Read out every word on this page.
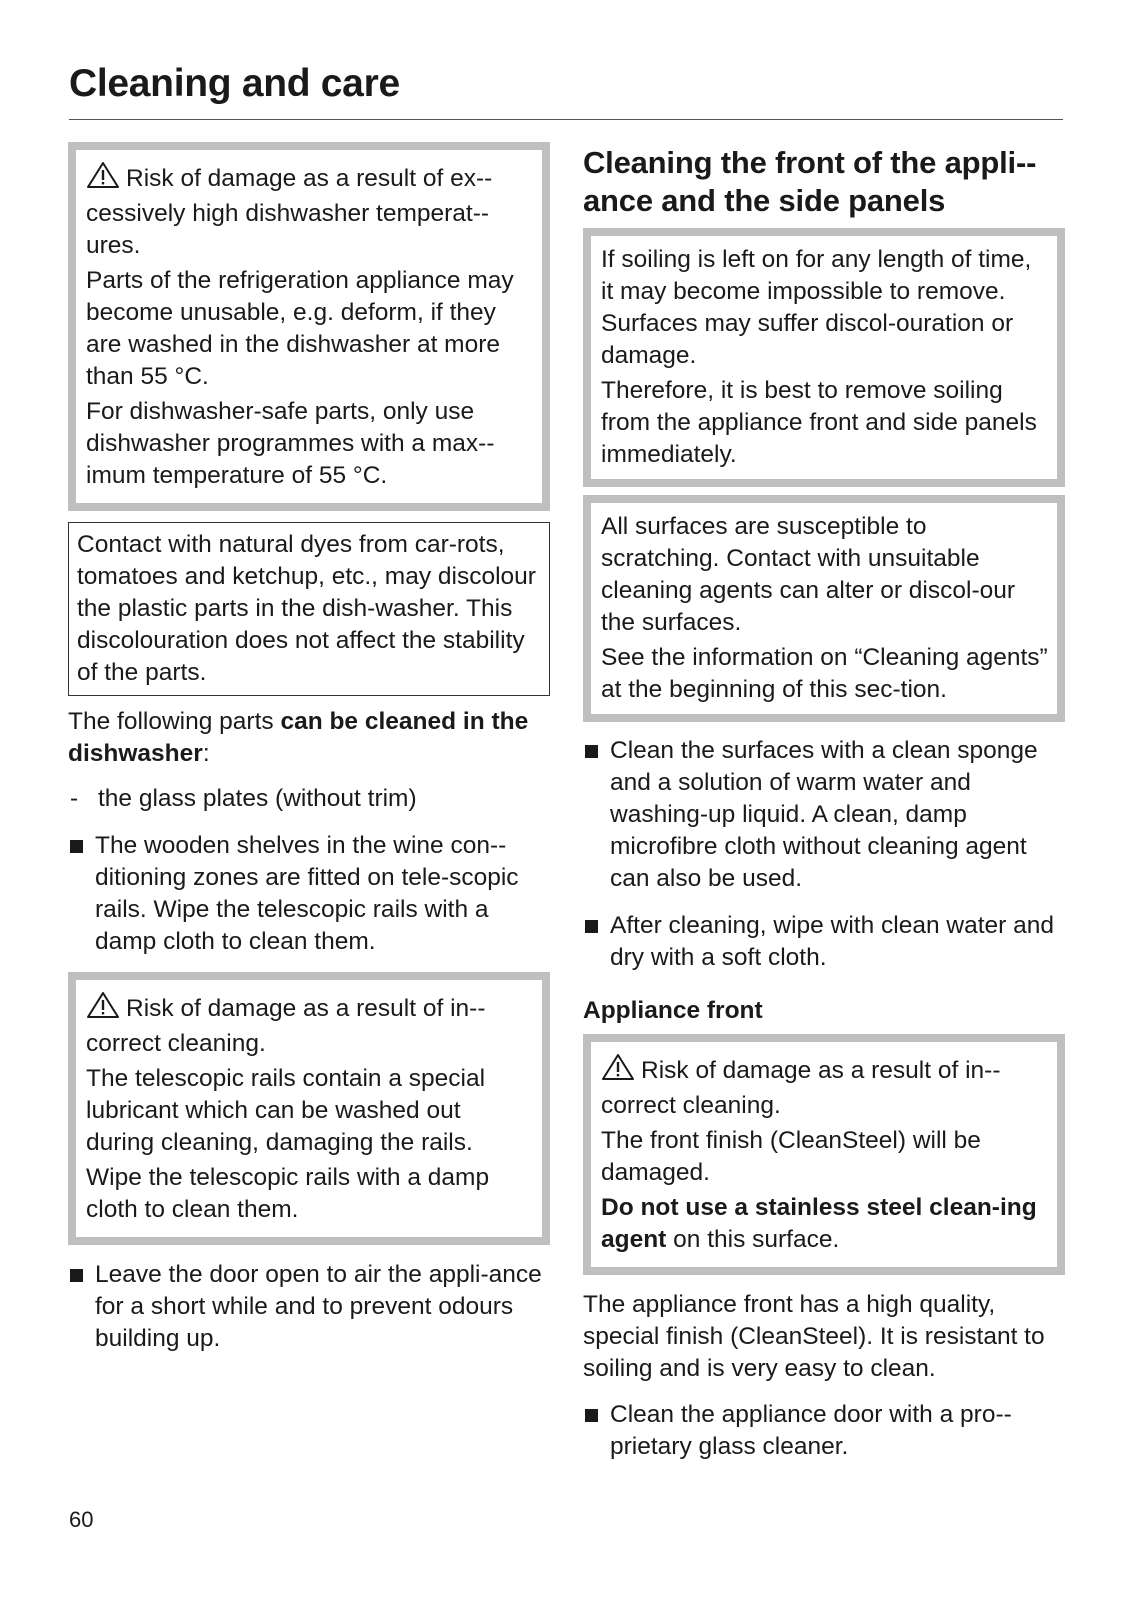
Cleaning and care

Risk of damage as a result of ex-cessively high dishwasher temperat-ures.

Parts of the refrigeration appliance may become unusable, e.g. deform, if they are washed in the dishwasher at more than 55 °C.

For dishwasher-safe parts, only use dishwasher programmes with a max-imum temperature of 55 °C.

Contact with natural dyes from car-rots, tomatoes and ketchup, etc., may discolour the plastic parts in the dish-washer. This discolouration does not affect the stability of the parts.

The following parts can be cleaned in the dishwasher:

- the glass plates (without trim)

The wooden shelves in the wine con-ditioning zones are fitted on tele-scopic rails. Wipe the telescopic rails with a damp cloth to clean them.

Risk of damage as a result of in-correct cleaning.

The telescopic rails contain a special lubricant which can be washed out during cleaning, damaging the rails.

Wipe the telescopic rails with a damp cloth to clean them.

Leave the door open to air the appli-ance for a short while and to prevent odours building up.

Cleaning the front of the appli-ance and the side panels

If soiling is left on for any length of time, it may become impossible to remove. Surfaces may suffer discol-ouration or damage.

Therefore, it is best to remove soiling from the appliance front and side panels immediately.

All surfaces are susceptible to scratching. Contact with unsuitable cleaning agents can alter or discol-our the surfaces.

See the information on “Cleaning agents” at the beginning of this sec-tion.

Clean the surfaces with a clean sponge and a solution of warm water and washing-up liquid. A clean, damp microfibre cloth without cleaning agent can also be used.

After cleaning, wipe with clean water and dry with a soft cloth.

Appliance front

Risk of damage as a result of in-correct cleaning.

The front finish (CleanSteel) will be damaged.

Do not use a stainless steel clean-ing agent on this surface.

The appliance front has a high quality, special finish (CleanSteel). It is resistant to soiling and is very easy to clean.

Clean the appliance door with a pro-prietary glass cleaner.

60
